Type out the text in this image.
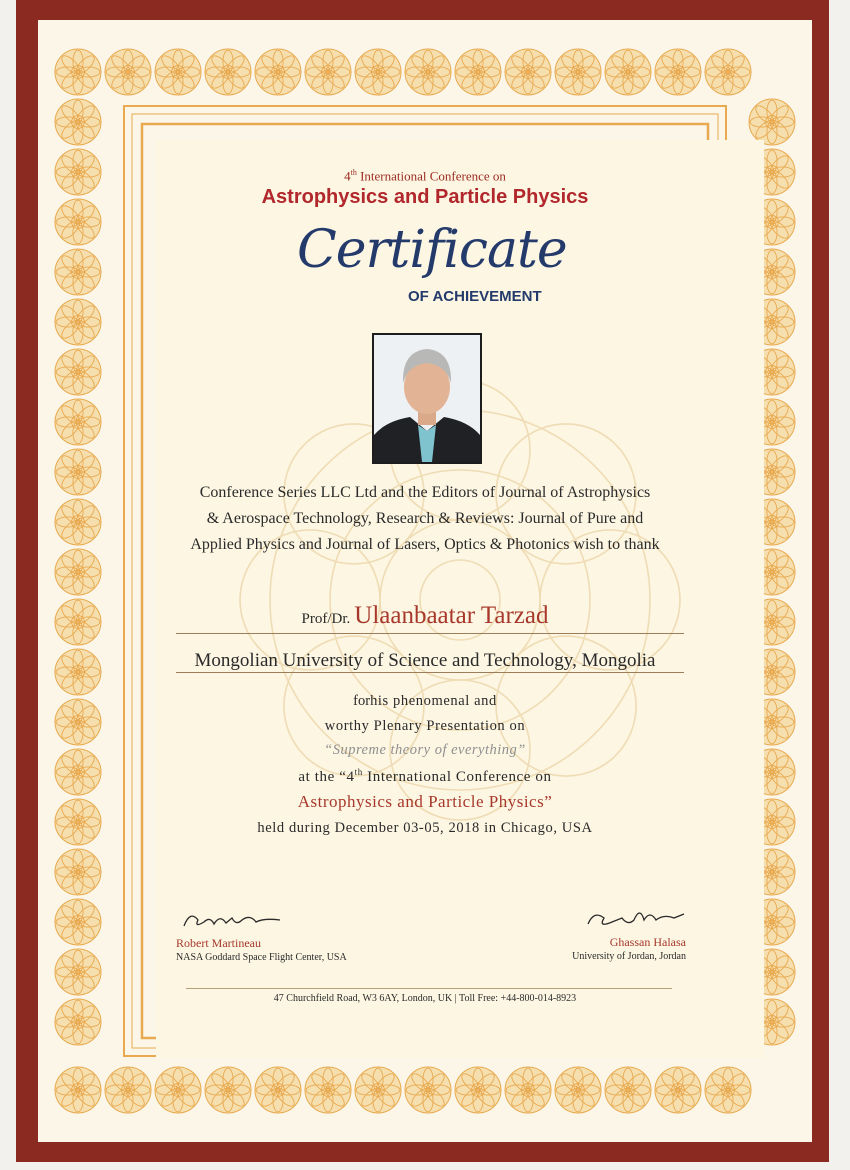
4th International Conference on

Astrophysics and Particle Physics

Certificate

OF ACHIEVEMENT

Conference Series LLC Ltd and the Editors of Journal of Astrophysics

& Aerospace Technology, Research & Reviews: Journal of Pure and

Applied Physics and Journal of Lasers, Optics & Photonics wish to thank

Prof/Dr. Ulaanbaatar Tarzad

Mongolian University of Science and Technology, Mongolia

forhis phenomenal and

worthy Plenary Presentation on

“Supreme theory of everything”

at the “4th International Conference on

Astrophysics and Particle Physics”

held during December 03-05, 2018 in Chicago, USA

Robert Martineau
NASA Goddard Space Flight Center, USA
Ghassan Halasa
University of Jordan, Jordan

47 Churchfield Road, W3 6AY, London, UK | Toll Free: +44-800-014-8923
